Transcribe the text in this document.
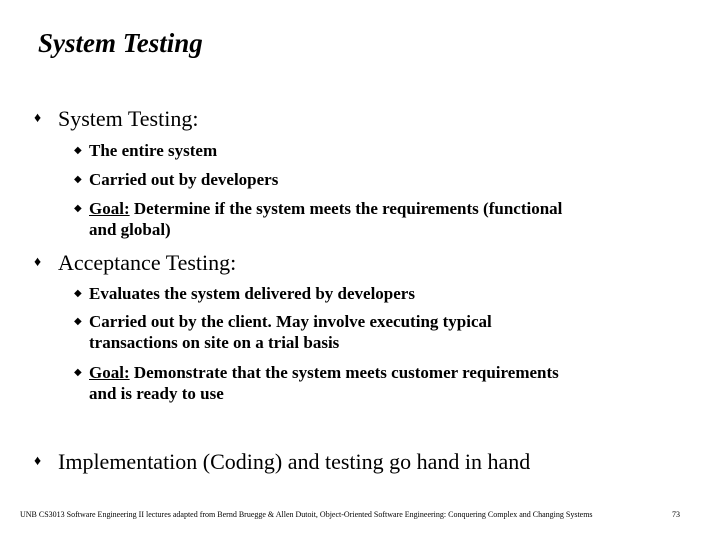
System Testing
♦ System Testing:
◆ The entire system
◆ Carried out by developers
◆ Goal: Determine if the system meets the requirements (functional
and global)
♦ Acceptance Testing:
◆ Evaluates the system delivered by developers
◆ Carried out by the client. May involve executing typical
transactions on site on a trial basis
◆ Goal: Demonstrate that the system meets customer requirements
and is ready to use
♦ Implementation (Coding) and testing go hand in hand
UNB CS3013 Software Engineering II lectures adapted from Bernd Bruegge & Allen Dutoit, Object-Oriented Software Engineering: Conquering Complex and Changing Systems	73
